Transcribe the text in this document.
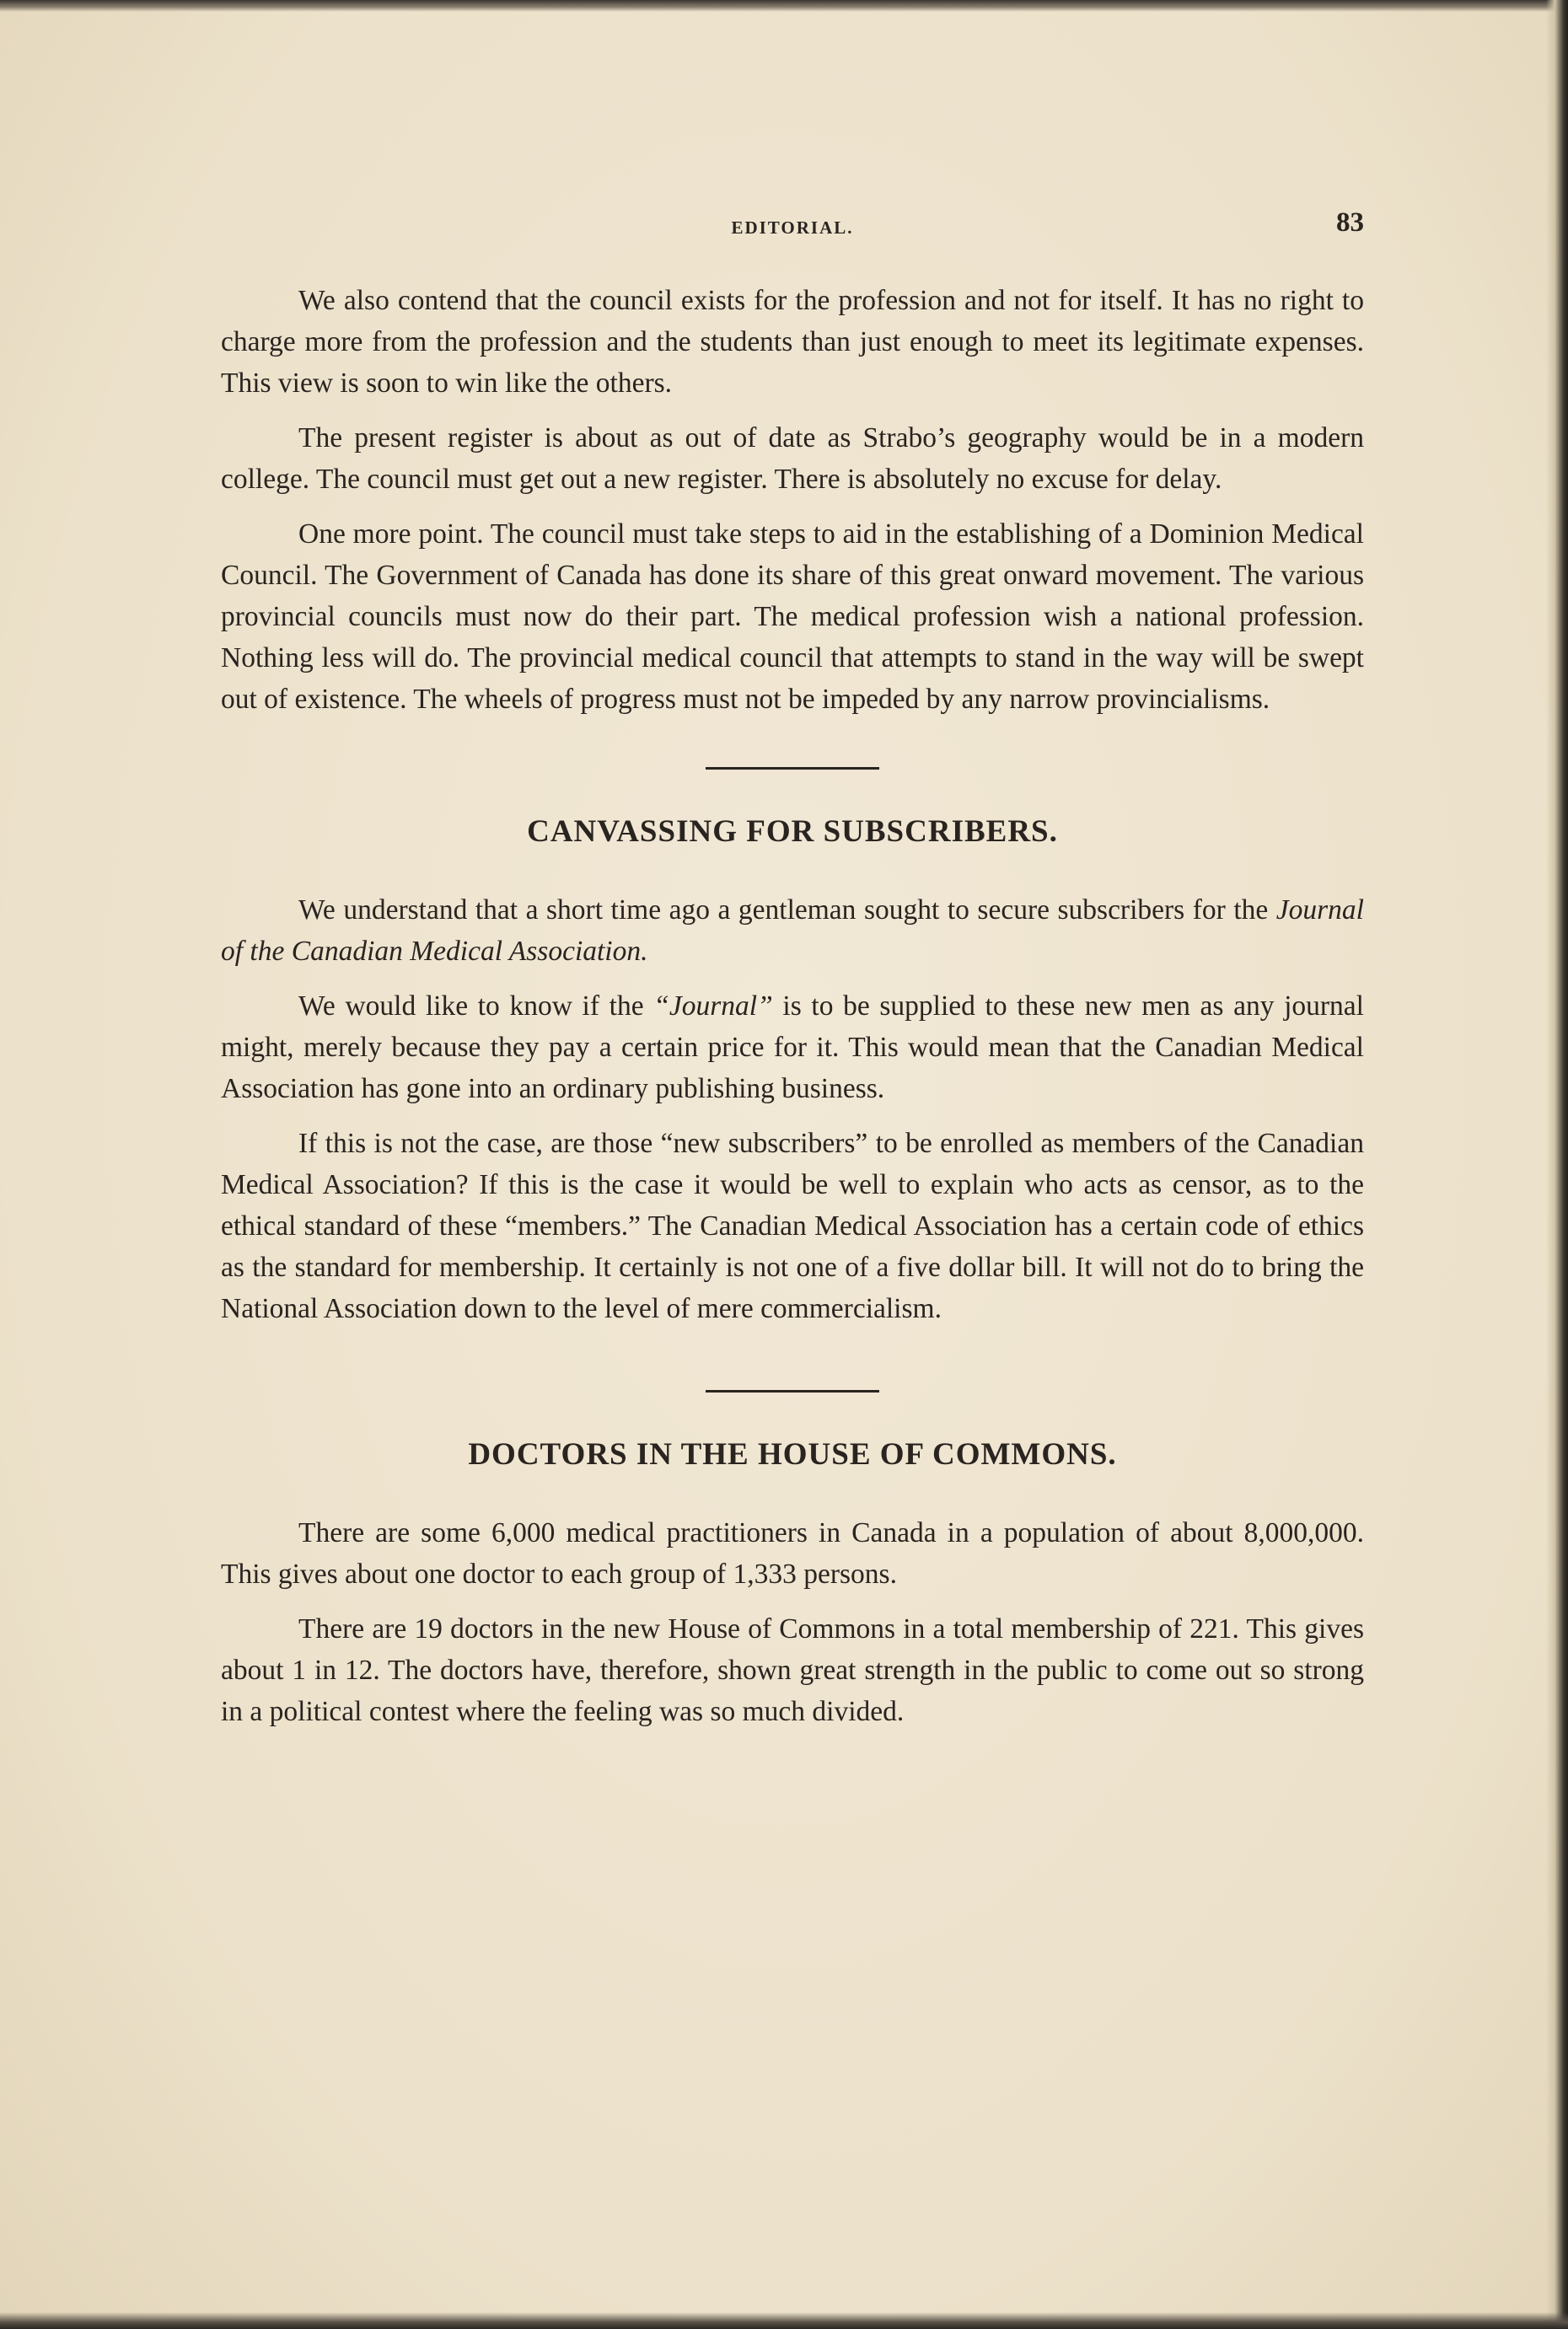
EDITORIAL.	83

We also contend that the council exists for the profession and not for itself. It has no right to charge more from the profession and the students than just enough to meet its legitimate expenses. This view is soon to win like the others.

The present register is about as out of date as Strabo’s geography would be in a modern college. The council must get out a new register. There is absolutely no excuse for delay.

One more point. The council must take steps to aid in the establishing of a Dominion Medical Council. The Government of Canada has done its share of this great onward movement. The various provincial councils must now do their part. The medical profession wish a national profession. Nothing less will do. The provincial medical council that attempts to stand in the way will be swept out of existence. The wheels of progress must not be impeded by any narrow provincialisms.

CANVASSING FOR SUBSCRIBERS.

We understand that a short time ago a gentleman sought to secure subscribers for the Journal of the Canadian Medical Association.

We would like to know if the “Journal” is to be supplied to these new men as any journal might, merely because they pay a certain price for it. This would mean that the Canadian Medical Association has gone into an ordinary publishing business.

If this is not the case, are those “new subscribers” to be enrolled as members of the Canadian Medical Association? If this is the case it would be well to explain who acts as censor, as to the ethical standard of these “members.” The Canadian Medical Association has a certain code of ethics as the standard for membership. It certainly is not one of a five dollar bill. It will not do to bring the National Association down to the level of mere commercialism.

DOCTORS IN THE HOUSE OF COMMONS.

There are some 6,000 medical practitioners in Canada in a population of about 8,000,000. This gives about one doctor to each group of 1,333 persons.

There are 19 doctors in the new House of Commons in a total membership of 221. This gives about 1 in 12. The doctors have, therefore, shown great strength in the public to come out so strong in a political contest where the feeling was so much divided.
